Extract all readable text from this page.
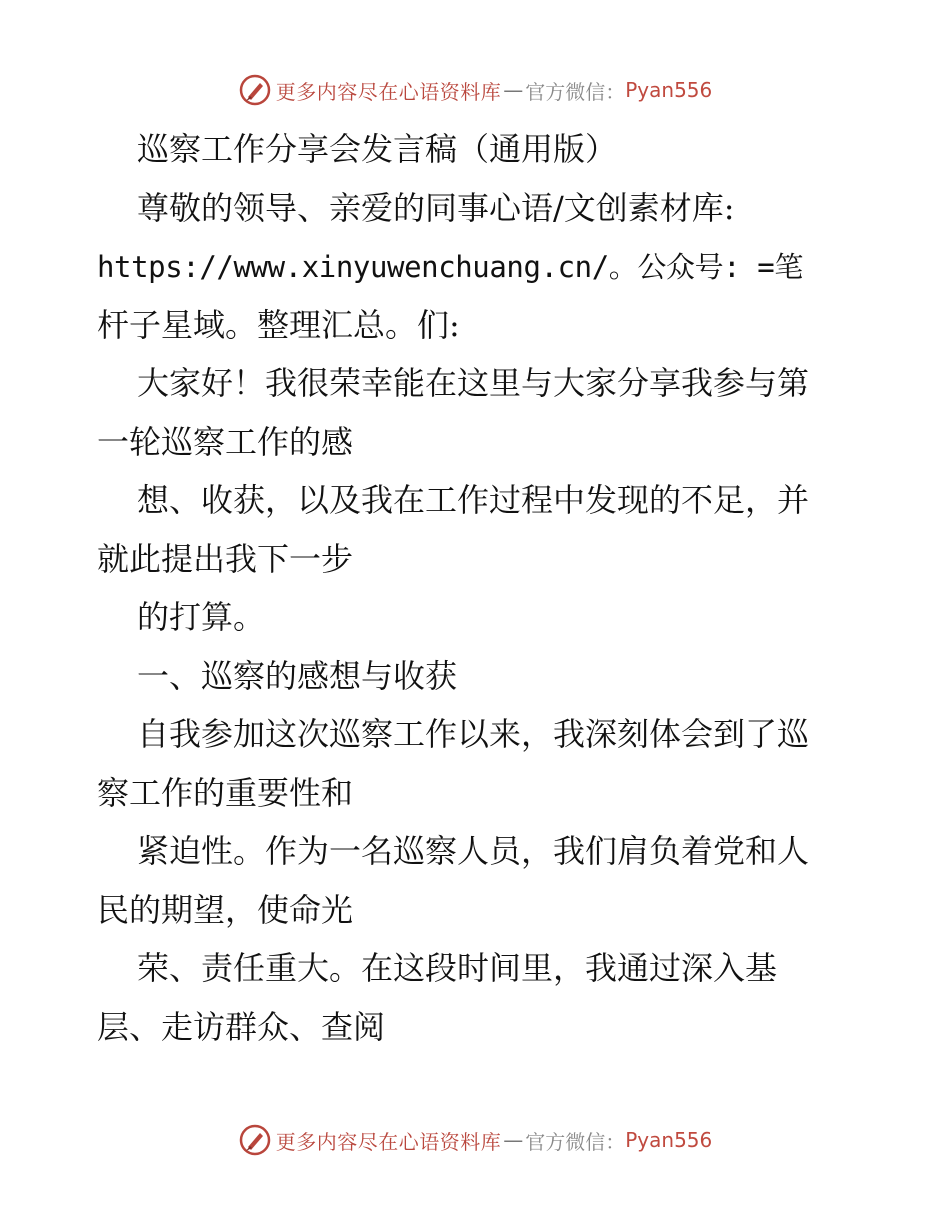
更多内容尽在心语资料库 — 官方微信： Pyan556
巡察工作分享会发言稿（通用版）
尊敬的领导、亲爱的同事心语/文创素材库:
https://www.xinyuwenchuang.cn/。公众号: =笔
杆子星域。整理汇总。们:
大家好！我很荣幸能在这里与大家分享我参与第
一轮巡察工作的感
想、收获，以及我在工作过程中发现的不足，并
就此提出我下一步
的打算。
一、巡察的感想与收获
自我参加这次巡察工作以来，我深刻体会到了巡
察工作的重要性和
紧迫性。作为一名巡察人员，我们肩负着党和人
民的期望，使命光
荣、责任重大。在这段时间里，我通过深入基
层、走访群众、查阅
更多内容尽在心语资料库 — 官方微信： Pyan556
